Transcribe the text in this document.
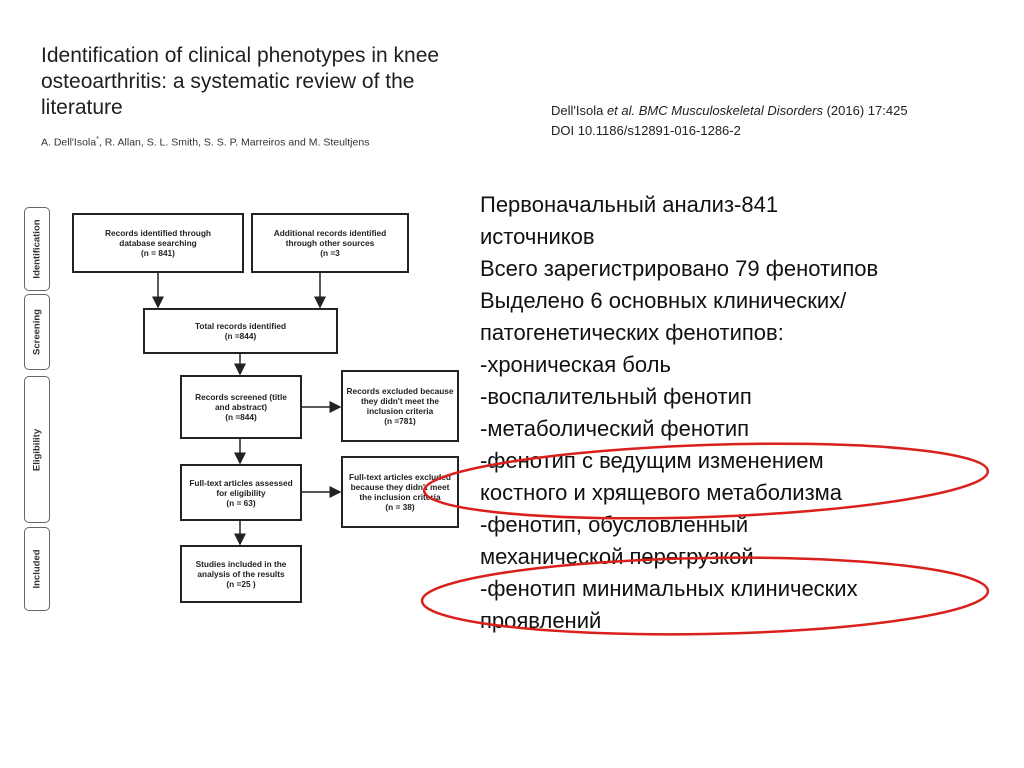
Identification of clinical phenotypes in knee
osteoarthritis: a systematic review of the
literature
A. Dell'Isola*, R. Allan, S. L. Smith, S. S. P. Marreiros and M. Steultjens
Dell'Isola et al. BMC Musculoskeletal Disorders (2016) 17:425
DOI 10.1186/s12891-016-1286-2
Identification
Screening
Eligibility
Included
Records identified through
database searching
(n = 841)
Additional records identified
through other sources
(n =3
Total records identified
(n =844)
Records screened (title
and abstract)
(n =844)
Records excluded because
they didn't meet the
inclusion criteria
(n =781)
Full-text articles assessed
for eligibility
(n = 63)
Full-text articles excluded
because they didn't meet
the inclusion criteria
(n = 38)
Studies included in the
analysis of the results
(n =25 )
Первоначальный анализ-841
источников
Всего зарегистрировано 79 фенотипов
Выделено 6 основных клинических/
патогенетических фенотипов:
-хроническая боль
-воспалительный фенотип
-метаболический фенотип
-фенотип с ведущим изменением
костного и хрящевого метаболизма
-фенотип, обусловленный
механической перегрузкой
-фенотип минимальных клинических
проявлений
